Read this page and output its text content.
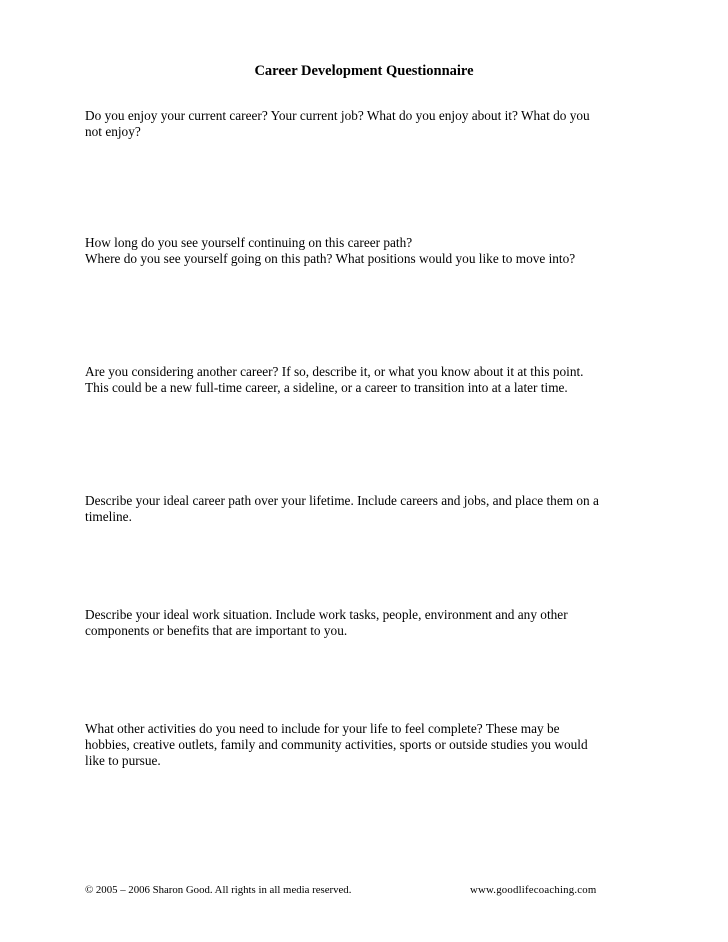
Career Development Questionnaire
Do you enjoy your current career? Your current job? What do you enjoy about it? What do you
not enjoy?
How long do you see yourself continuing on this career path?
Where do you see yourself going on this path? What positions would you like to move into?
Are you considering another career? If so, describe it, or what you know about it at this point.
This could be a new full-time career, a sideline, or a career to transition into at a later time.
Describe your ideal career path over your lifetime. Include careers and jobs, and place them on a
timeline.
Describe your ideal work situation. Include work tasks, people, environment and any other
components or benefits that are important to you.
What other activities do you need to include for your life to feel complete? These may be
hobbies, creative outlets, family and community activities, sports or outside studies you would
like to pursue.
© 2005 – 2006 Sharon Good. All rights in all media reserved.	www.goodlifecoaching.com
